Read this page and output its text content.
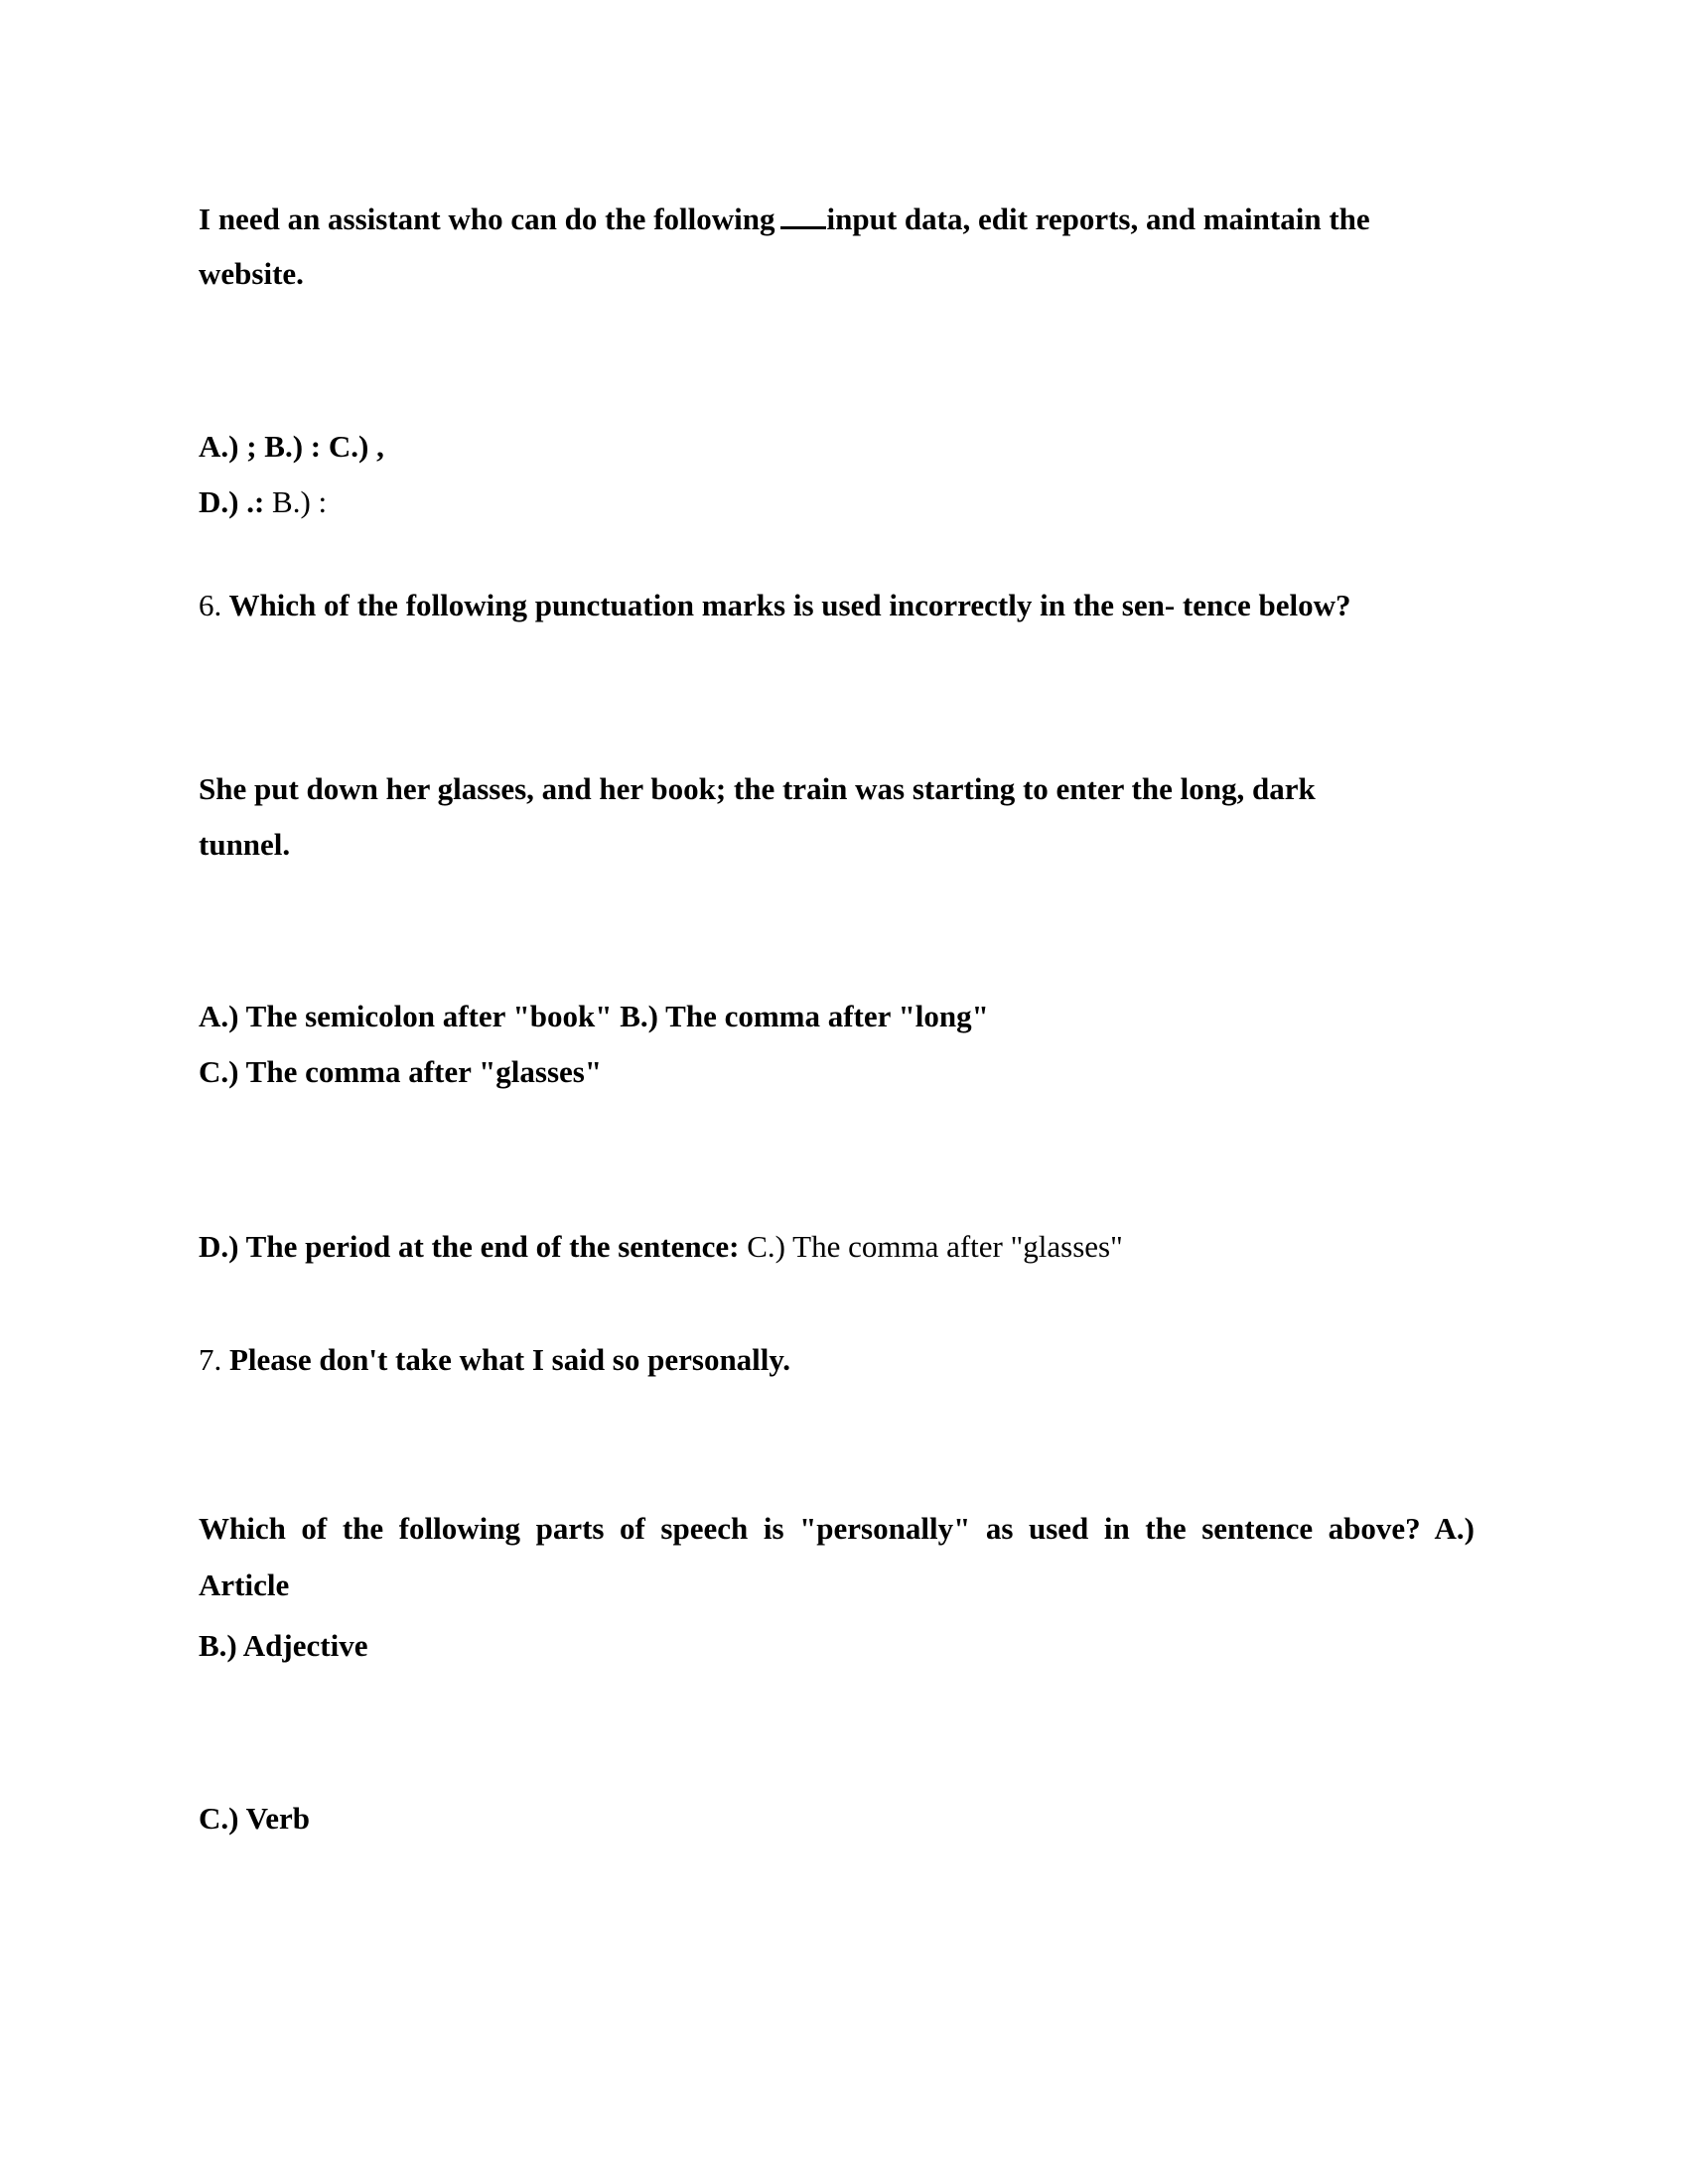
I need an assistant who can do the following input data, edit reports, and maintain the
website.
A.) ; B.) : C.) ,
D.) .: B.) :
6. Which of the following punctuation marks is used incorrectly in the sen- tence below?
She put down her glasses, and her book; the train was starting to enter the long, dark
tunnel.
A.) The semicolon after "book" B.) The comma after "long"
C.) The comma after "glasses"
D.) The period at the end of the sentence: C.) The comma after "glasses"
7. Please don't take what I said so personally.
Which of the following parts of speech is "personally" as used in the sentence above? A.)
Article
B.) Adjective
C.) Verb
